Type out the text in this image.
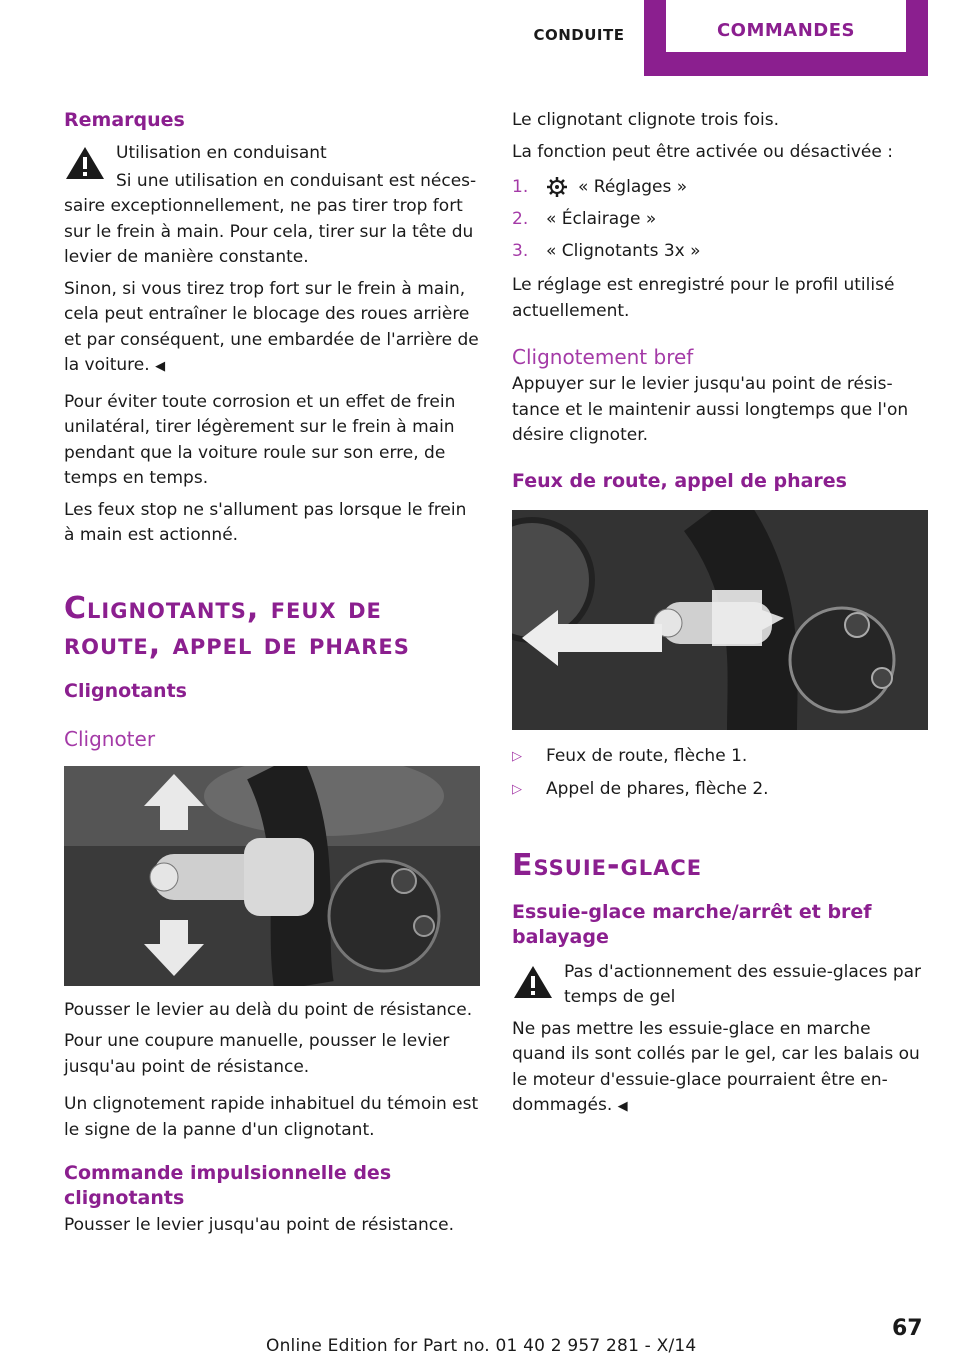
CONDUITE	COMMANDES
Remarques

Utilisation en conduisant

Si une utilisation en conduisant est nécessaire exceptionnellement, ne pas tirer trop fort sur le frein à main. Pour cela, tirer sur la tête du levier de manière constante.

Sinon, si vous tirez trop fort sur le frein à main, cela peut entraîner le blocage des roues arrière et par conséquent, une embardée de l'arrière de la voiture. ◀

Pour éviter toute corrosion et un effet de frein unilatéral, tirer légèrement sur le frein à main pendant que la voiture roule sur son erre, de temps en temps.

Les feux stop ne s'allument pas lorsque le frein à main est actionné.

Clignotants, feux de route, appel de phares
Clignotants
Clignoter

Pousser le levier au delà du point de résistance.

Pour une coupure manuelle, pousser le levier jusqu'au point de résistance.

Un clignotement rapide inhabituel du témoin est le signe de la panne d'un clignotant.

Commande impulsionnelle des clignotants

Pousser le levier jusqu'au point de résistance.

Le clignotant clignote trois fois.

La fonction peut être activée ou désactivée :

1.	« Réglages »
2.	« Éclairage »
3.	« Clignotants 3x »

Le réglage est enregistré pour le profil utilisé actuellement.

Clignotement bref

Appuyer sur le levier jusqu'au point de résistance et le maintenir aussi longtemps que l'on désire clignoter.

Feux de route, appel de phares
▷	Feux de route, flèche 1.
▷	Appel de phares, flèche 2.
Essuie-glace
Essuie-glace marche/arrêt et bref balayage

Pas d'actionnement des essuie-glaces par temps de gel

Ne pas mettre les essuie-glace en marche quand ils sont collés par le gel, car les balais ou le moteur d'essuie-glace pourraient être endommagés. ◀

67
Online Edition for Part no. 01 40 2 957 281 - X/14
